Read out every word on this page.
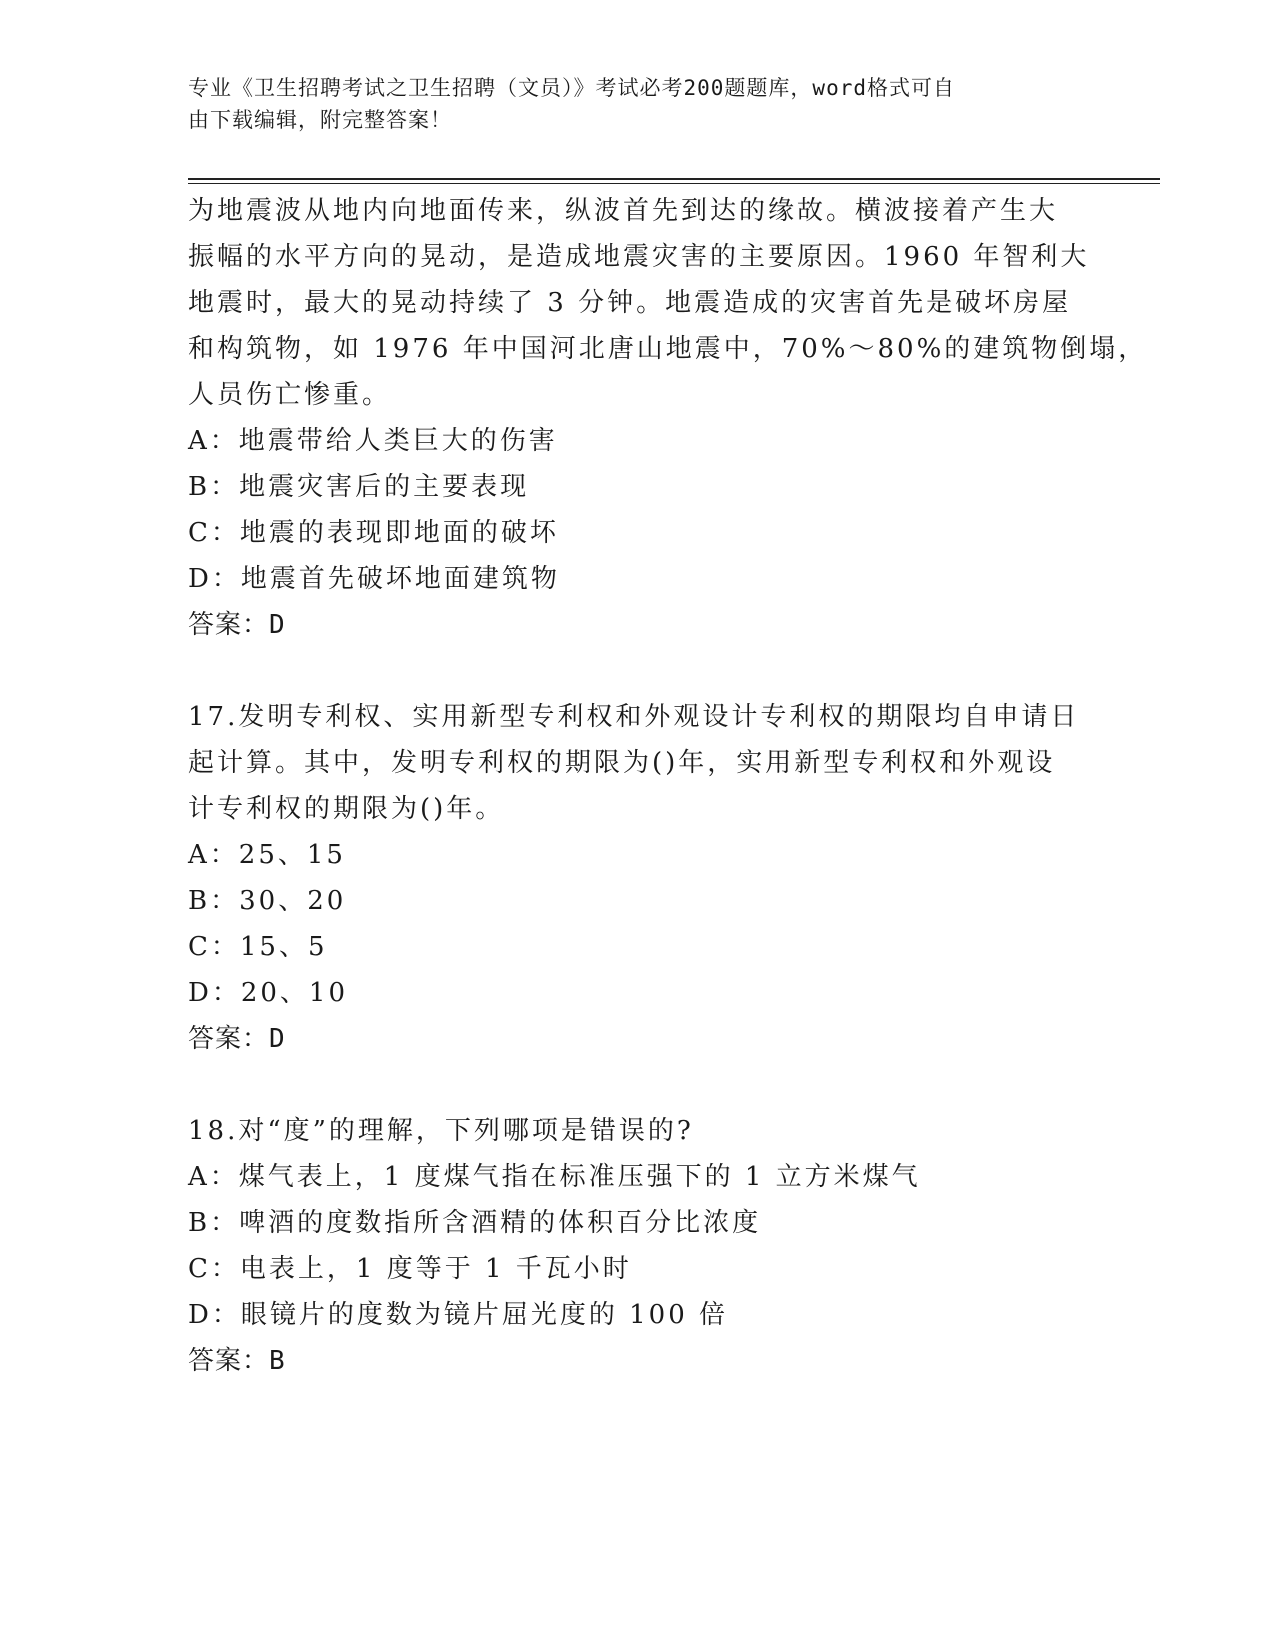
专业《卫生招聘考试之卫生招聘（文员）》考试必考200题题库，word格式可自
由下载编辑，附完整答案！
为地震波从地内向地面传来，纵波首先到达的缘故。横波接着产生大
振幅的水平方向的晃动，是造成地震灾害的主要原因。1960 年智利大
地震时，最大的晃动持续了 3 分钟。地震造成的灾害首先是破坏房屋
和构筑物，如 1976 年中国河北唐山地震中，70%～80%的建筑物倒塌，
人员伤亡惨重。
A：地震带给人类巨大的伤害
B：地震灾害后的主要表现
C：地震的表现即地面的破坏
D：地震首先破坏地面建筑物
答案：D
17.发明专利权、实用新型专利权和外观设计专利权的期限均自申请日
起计算。其中，发明专利权的期限为()年，实用新型专利权和外观设
计专利权的期限为()年。
A：25、15
B：30、20
C：15、5
D：20、10
答案：D
18.对“度”的理解，下列哪项是错误的?
A：煤气表上，1 度煤气指在标准压强下的 1 立方米煤气
B：啤酒的度数指所含酒精的体积百分比浓度
C：电表上，1 度等于 1 千瓦小时
D：眼镜片的度数为镜片屈光度的 100 倍
答案：B
